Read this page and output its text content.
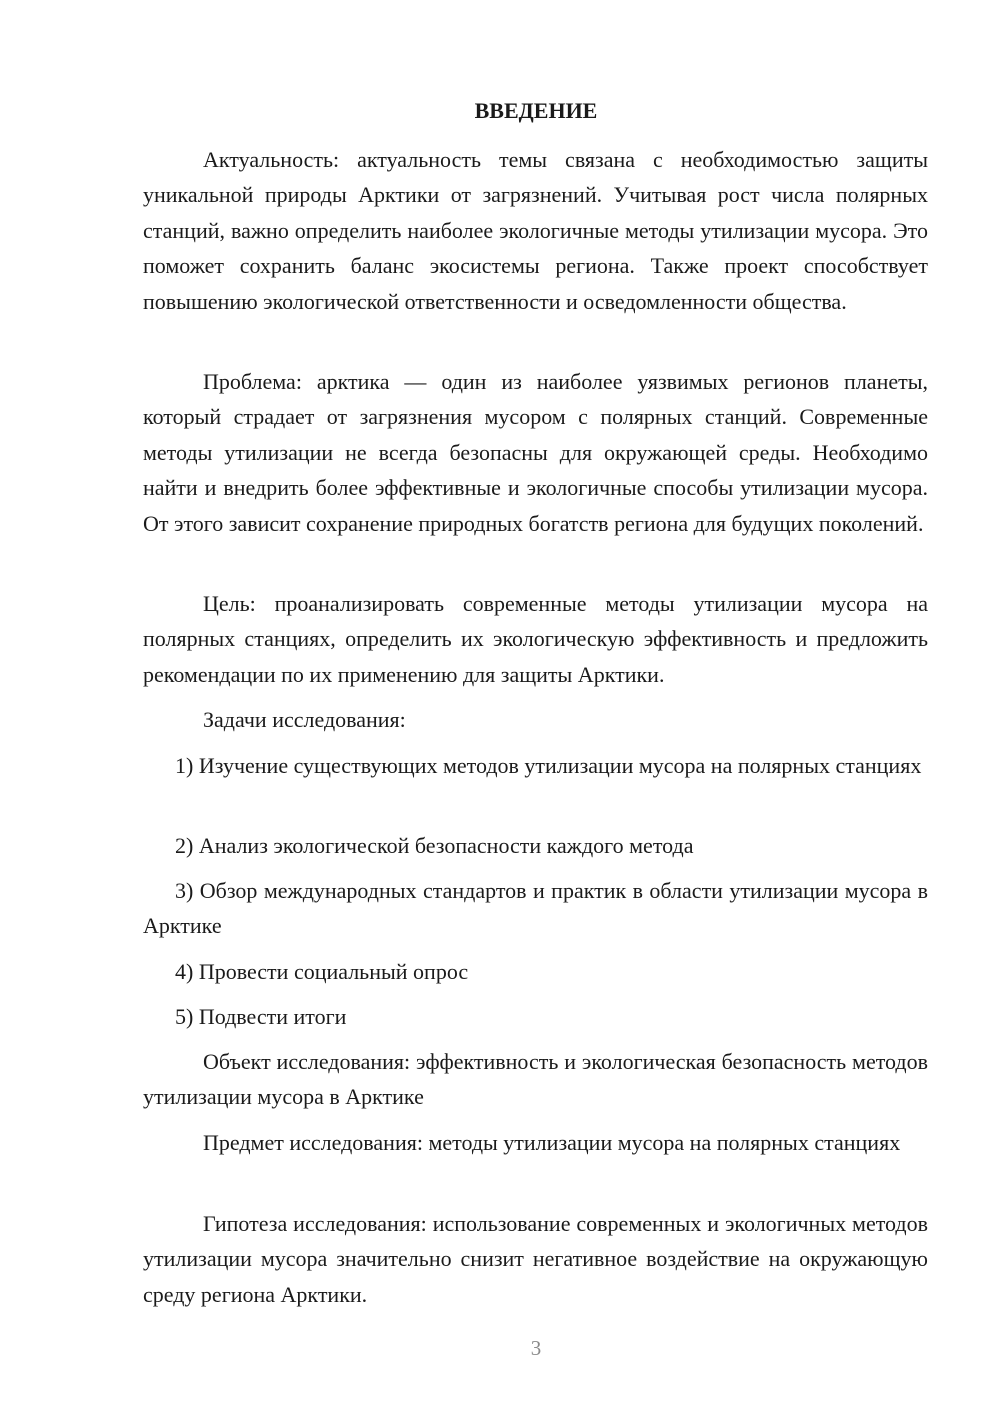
ВВЕДЕНИЕ

Актуальность: актуальность темы связана с необходимостью защиты уникальной природы Арктики от загрязнений. Учитывая рост числа полярных станций, важно определить наиболее экологичные методы утилизации мусора. Это поможет сохранить баланс экосистемы региона. Также проект способствует повышению экологической ответственности и осведомленности общества.

Проблема: арктика — один из наиболее уязвимых регионов планеты, который страдает от загрязнения мусором с полярных станций. Современные методы утилизации не всегда безопасны для окружающей среды. Необходимо найти и внедрить более эффективные и экологичные способы утилизации мусора. От этого зависит сохранение природных богатств региона для будущих поколений.

Цель: проанализировать современные методы утилизации мусора на полярных станциях, определить их экологическую эффективность и предложить рекомендации по их применению для защиты Арктики.

Задачи исследования:

1) Изучение существующих методов утилизации мусора на полярных станциях

2) Анализ экологической безопасности каждого метода

3) Обзор международных стандартов и практик в области утилизации мусора в Арктике

4) Провести социальный опрос

5) Подвести итоги

Объект исследования: эффективность и экологическая безопасность методов утилизации мусора в Арктике

Предмет исследования: методы утилизации мусора на полярных станциях

Гипотеза исследования: использование современных и экологичных методов утилизации мусора значительно снизит негативное воздействие на окружающую среду региона Арктики.

3
